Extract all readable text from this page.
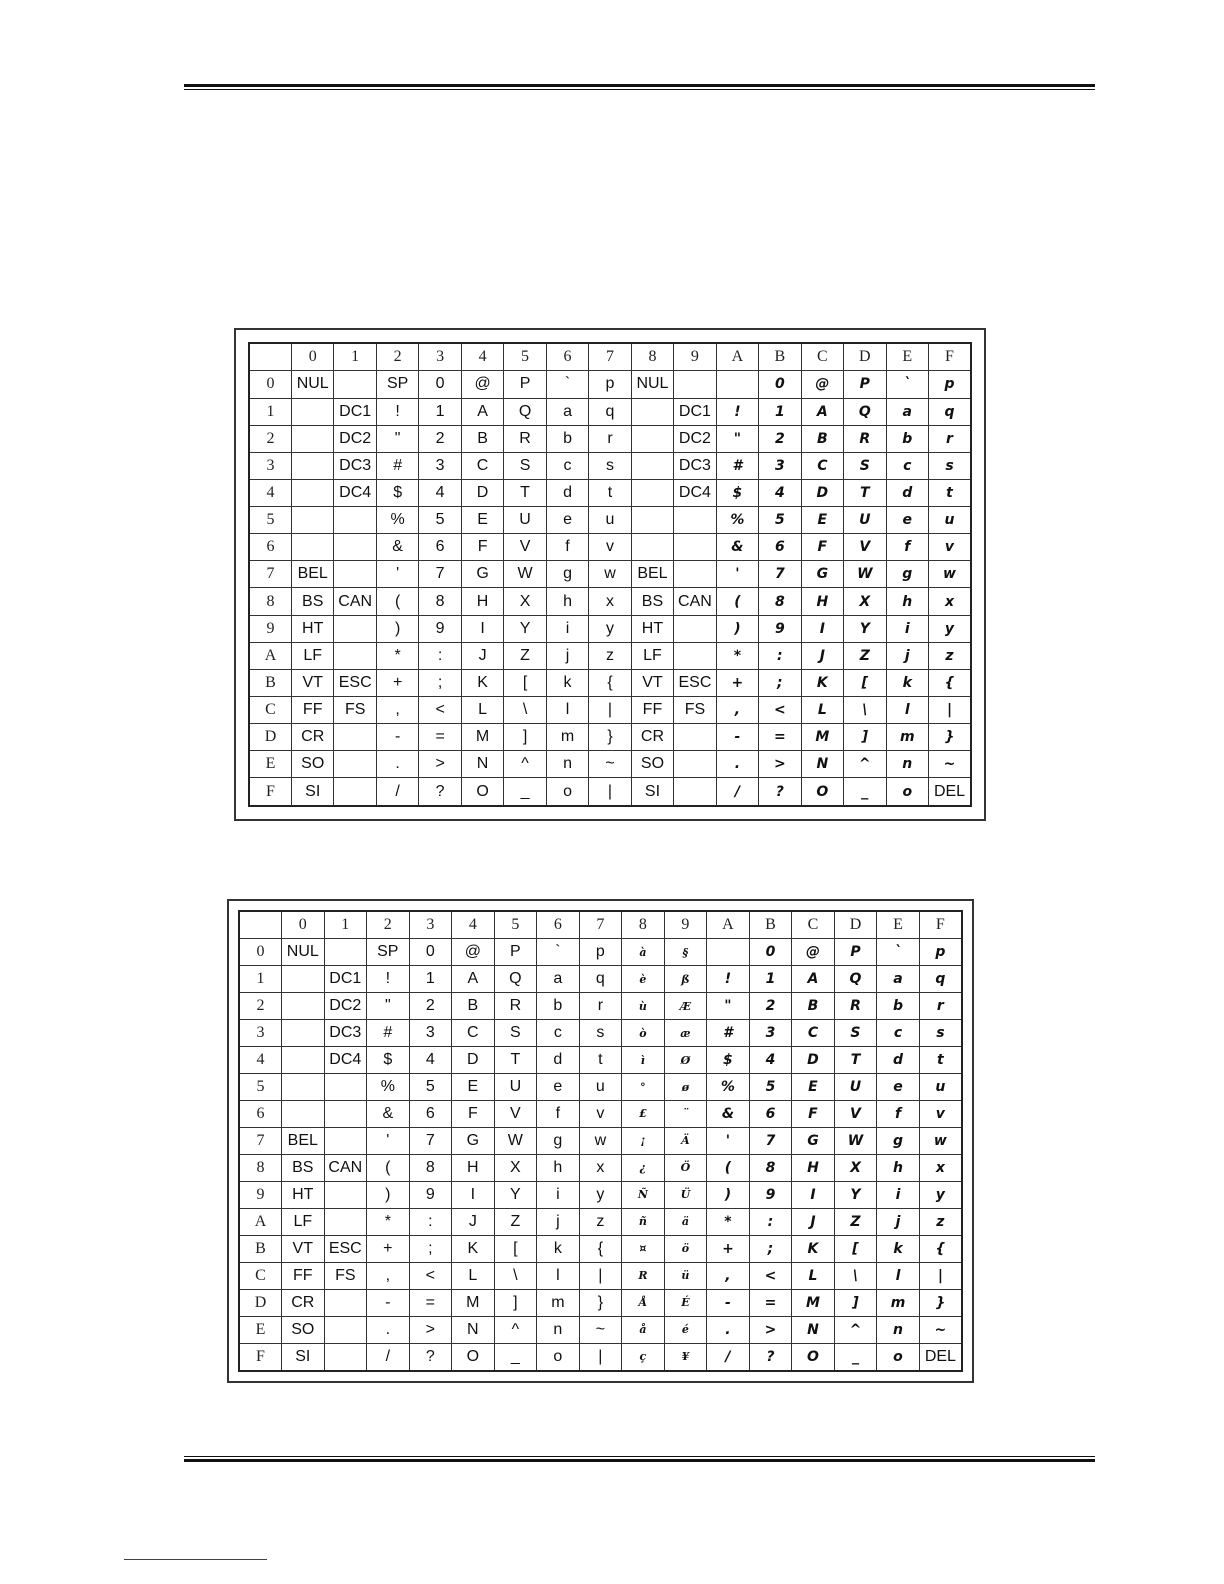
	0	1	2	3	4	5	6	7	8	9	A	B	C	D	E	F
0	NUL		SP	0	@	P	`	p	NUL			0	@	P	`	p
1		DC1	!	1	A	Q	a	q		DC1	!	1	A	Q	a	q
2		DC2	"	2	B	R	b	r		DC2	"	2	B	R	b	r
3		DC3	#	3	C	S	c	s		DC3	#	3	C	S	c	s
4		DC4	$	4	D	T	d	t		DC4	$	4	D	T	d	t
5			%	5	E	U	e	u			%	5	E	U	e	u
6			&	6	F	V	f	v			&	6	F	V	f	v
7	BEL		'	7	G	W	g	w	BEL		'	7	G	W	g	w
8	BS	CAN	(	8	H	X	h	x	BS	CAN	(	8	H	X	h	x
9	HT		)	9	I	Y	i	y	HT		)	9	I	Y	i	y
A	LF		*	:	J	Z	j	z	LF		*	:	J	Z	j	z
B	VT	ESC	+	;	K	[	k	{	VT	ESC	+	;	K	[	k	{
C	FF	FS	,	<	L	\	l	|	FF	FS	,	<	L	\	l	|
D	CR		-	=	M	]	m	}	CR		-	=	M	]	m	}
E	SO		.	>	N	^	n	~	SO		.	>	N	^	n	~
F	SI		/	?	O	_	o	|	SI		/	?	O	_	o	DEL
	0	1	2	3	4	5	6	7	8	9	A	B	C	D	E	F
0	NUL		SP	0	@	P	`	p	à	§		0	@	P	`	p
1		DC1	!	1	A	Q	a	q	è	ß	!	1	A	Q	a	q
2		DC2	"	2	B	R	b	r	ù	Æ	"	2	B	R	b	r
3		DC3	#	3	C	S	c	s	ò	æ	#	3	C	S	c	s
4		DC4	$	4	D	T	d	t	ì	Ø	$	4	D	T	d	t
5			%	5	E	U	e	u	°	ø	%	5	E	U	e	u
6			&	6	F	V	f	v	£	¨	&	6	F	V	f	v
7	BEL		'	7	G	W	g	w	¡	Ä	'	7	G	W	g	w
8	BS	CAN	(	8	H	X	h	x	¿	Ö	(	8	H	X	h	x
9	HT		)	9	I	Y	i	y	Ñ	Ü	)	9	I	Y	i	y
A	LF		*	:	J	Z	j	z	ñ	ä	*	:	J	Z	j	z
B	VT	ESC	+	;	K	[	k	{	¤	ö	+	;	K	[	k	{
C	FF	FS	,	<	L	\	l	|	R	ü	,	<	L	\	l	|
D	CR		-	=	M	]	m	}	Å	É	-	=	M	]	m	}
E	SO		.	>	N	^	n	~	å	é	.	>	N	^	n	~
F	SI		/	?	O	_	o	|	ç	¥	/	?	O	_	o	DEL
